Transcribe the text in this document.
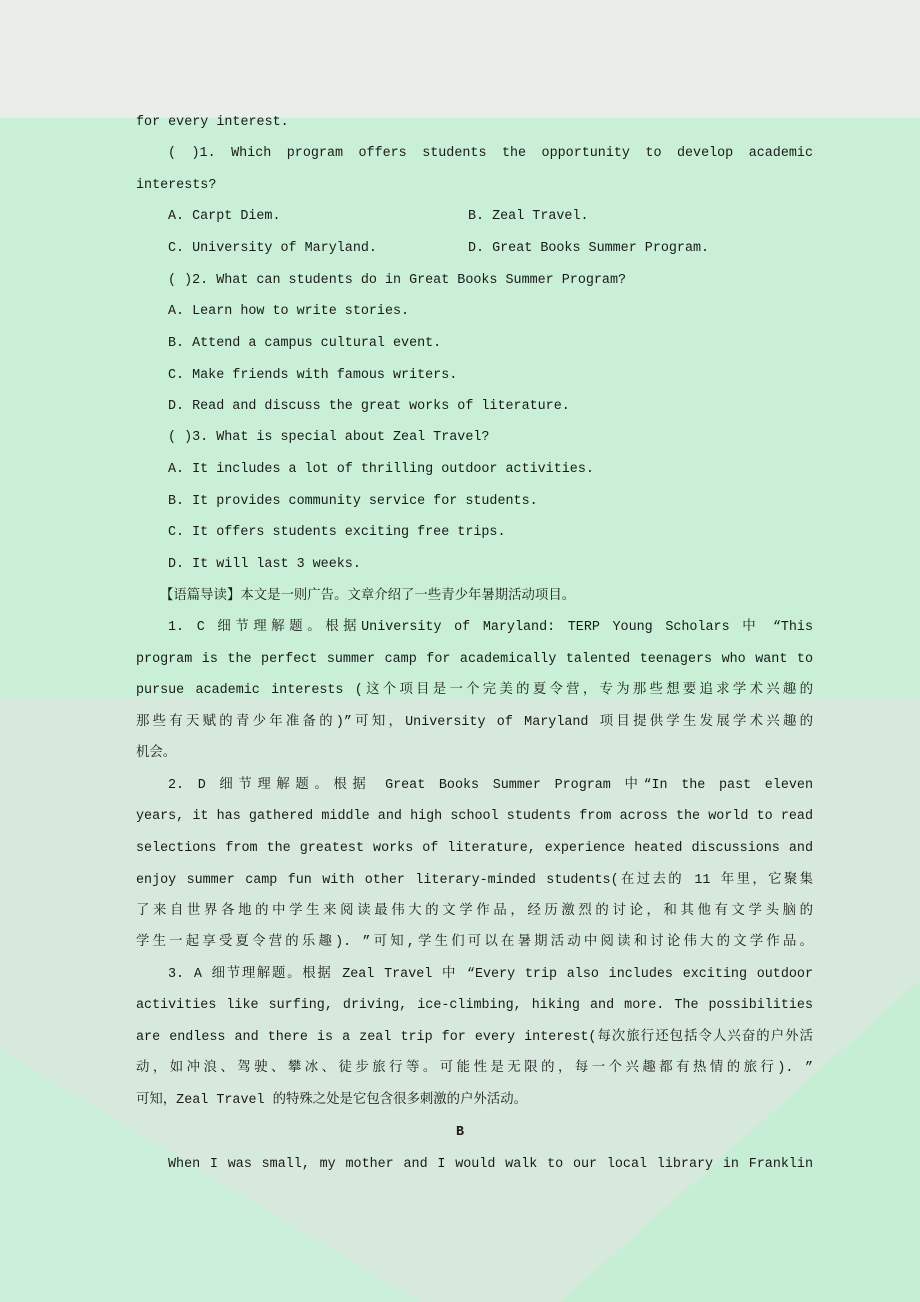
for every interest.
( )1. Which program offers students the opportunity to develop academic
interests?
A. Carpt Diem.	B. Zeal Travel.
C. University of Maryland.	D. Great Books Summer Program.
( )2. What can students do in Great Books Summer Program?
A. Learn how to write stories.
B. Attend a campus cultural event.
C. Make friends with famous writers.
D. Read and discuss the great works of literature.
( )3. What is special about Zeal Travel?
A. It includes a lot of thrilling outdoor activities.
B. It provides community service for students.
C. It offers students exciting free trips.
D. It will last 3 weeks.
【语篇导读】本文是一则广告。文章介绍了一些青少年暑期活动项目。
1. C 细节理解题。根据University of Maryland: TERP Young Scholars 中 “This
program is the perfect summer camp for academically talented teenagers who want to
pursue academic interests (这个项目是一个完美的夏令营，专为那些想要追求学术兴趣的
那些有天赋的青少年准备的)”可知，University of Maryland 项目提供学生发展学术兴趣的
机会。
2. D 细节理解题。根据 Great Books Summer Program 中“In the past eleven
years, it has gathered middle and high school students from across the world to read
selections from the greatest works of literature, experience heated discussions and
enjoy summer camp fun with other literary-minded students(在过去的 11 年里，它聚集
了来自世界各地的中学生来阅读最伟大的文学作品，经历激烈的讨论，和其他有文学头脑的
学生一起享受夏令营的乐趣). ”可知,学生们可以在暑期活动中阅读和讨论伟大的文学作品。
3. A 细节理解题。根据 Zeal Travel 中 “Every trip also includes exciting outdoor
activities like surfing, driving, ice-climbing, hiking and more. The possibilities
are endless and there is a zeal trip for every interest(每次旅行还包括令人兴奋的户外活
动，如冲浪、驾驶、攀冰、徒步旅行等。可能性是无限的，每一个兴趣都有热情的旅行). ”
可知，Zeal Travel 的特殊之处是它包含很多刺激的户外活动。
B
When I was small, my mother and I would walk to our local library in Franklin
